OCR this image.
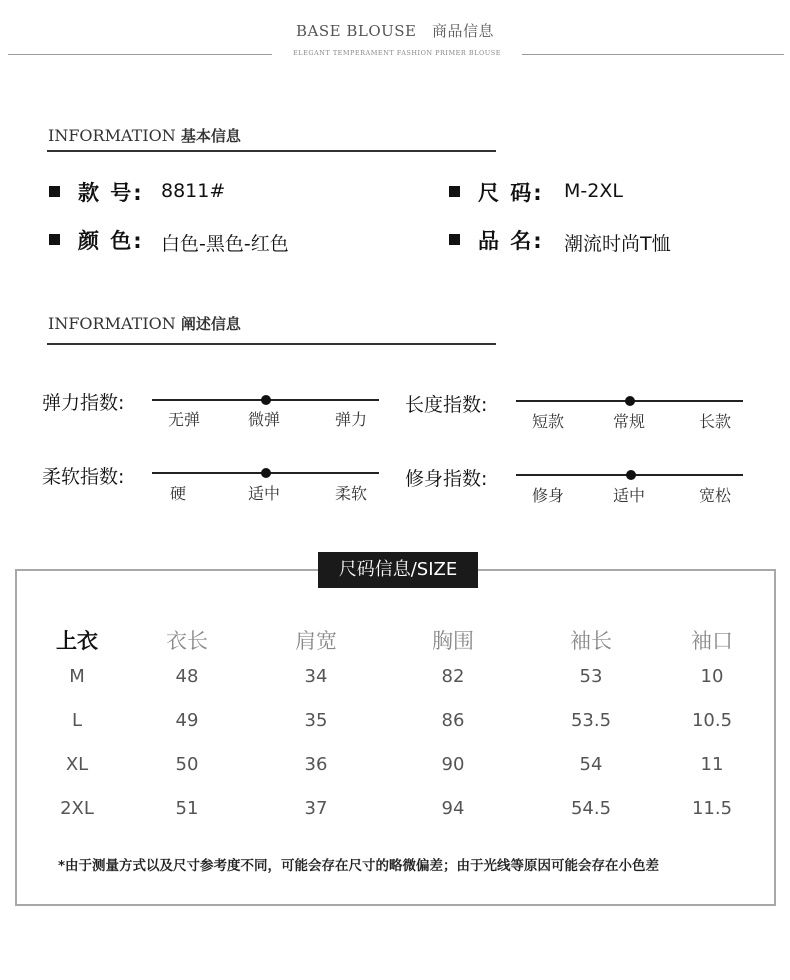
BASE BLOUSE　商品信息
ELEGANT TEMPERAMENT FASHION PRIMER BLOUSE
INFORMATION 基本信息
款 号: 8811#	尺 码: M-2XL
颜 色: 白色-黑色-红色	品 名: 潮流时尚T恤
INFORMATION 阐述信息
弹力指数:
无弹	微弹	弹力
长度指数:
短款	常规	长款
柔软指数:
硬	适中	柔软
修身指数:
修身	适中	宽松
尺码信息/SIZE
上衣	衣长	肩宽	胸围	袖长	袖口
M	48	34	82	53	10
L	49	35	86	53.5	10.5
XL	50	36	90	54	11
2XL	51	37	94	54.5	11.5
*由于测量方式以及尺寸参考度不同，可能会存在尺寸的略微偏差；由于光线等原因可能会存在小色差
